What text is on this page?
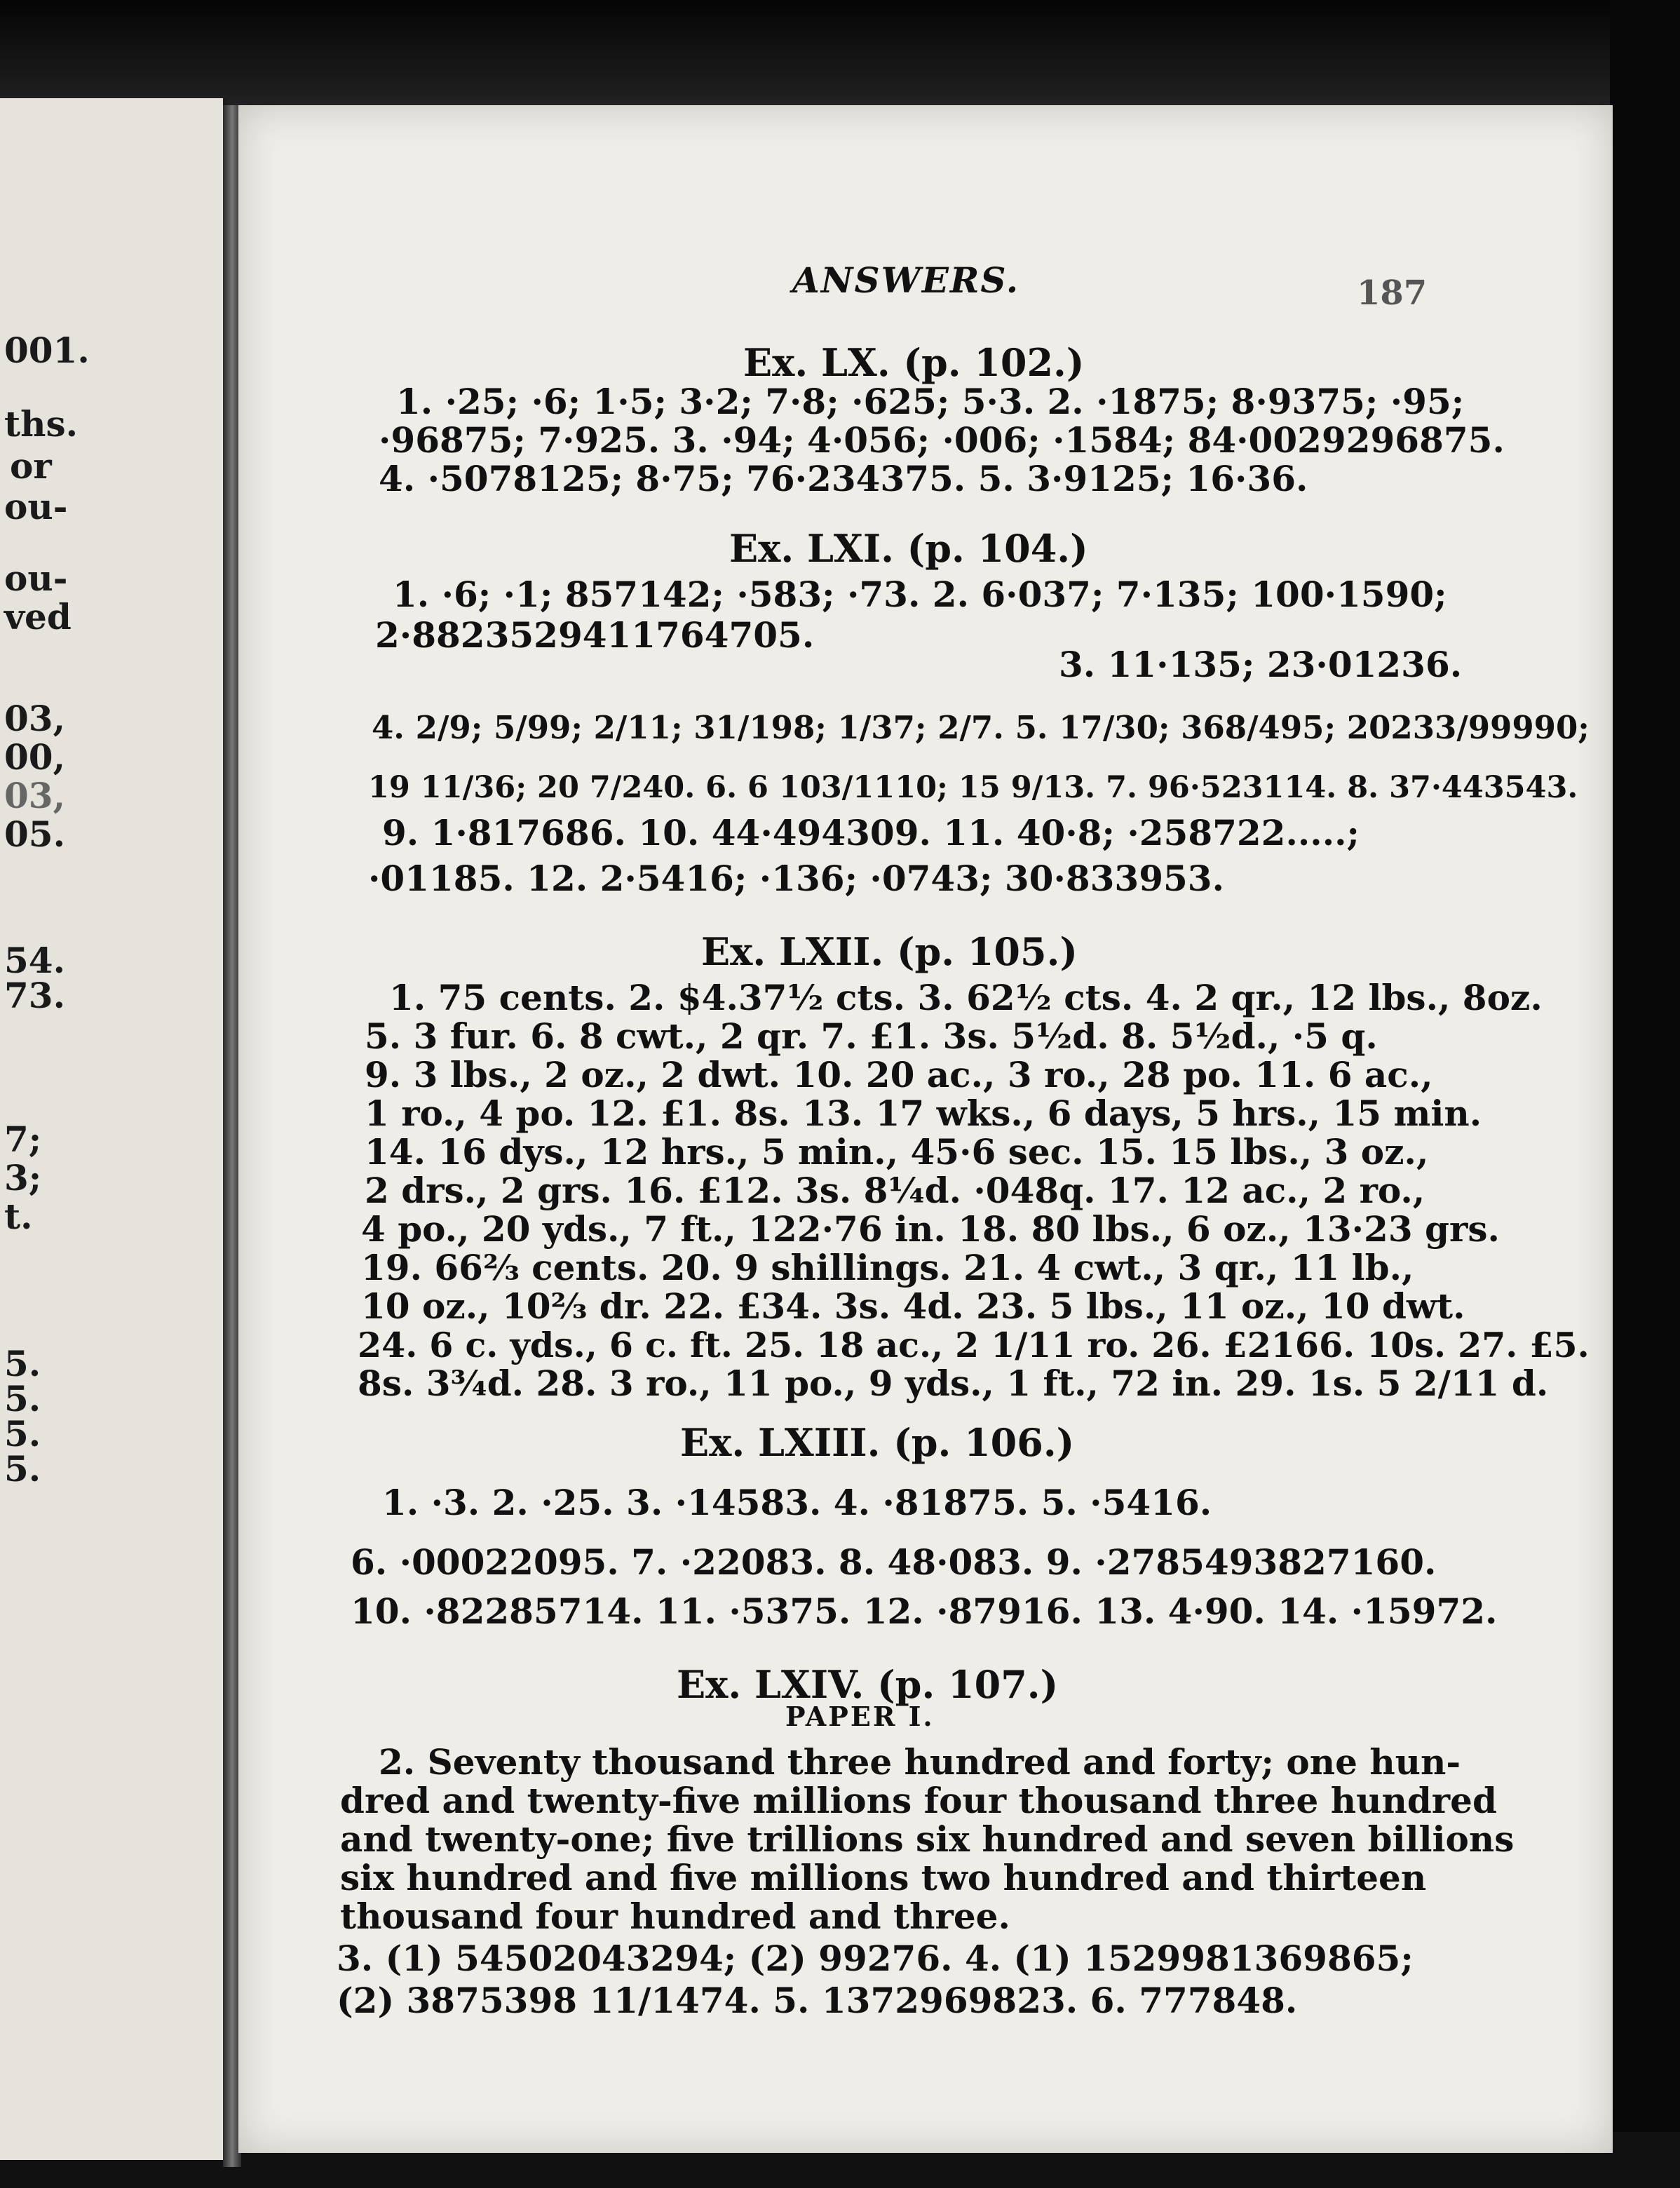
001.
ths.
or
ou-
ou-
ved
03,
00,
03,
05.
54.
73.
7;
3;
t.
5.
5.
5.
5.
ANSWERS.	187
Ex. LX. (p. 102.)
1. ·25; ·6; 1·5; 3·2; 7·8; ·625; 5·3. 2. ·1875; 8·9375; ·95;
·96875; 7·925. 3. ·94; 4·056; ·006; ·1584; 84·0029296875.
4. ·5078125; 8·75; 76·234375. 5. 3·9125; 16·36.
Ex. LXI. (p. 104.)
1. ·6; ·1; 857142; ·583; ·73. 2. 6·037; 7·135; 100·1590;
2·8823529411764705.
3. 11·135; 23·01236.
4. 2/9; 5/99; 2/11; 31/198; 1/37; 2/7. 5. 17/30; 368/495; 20233/99990;
19 11/36; 20 7/240. 6. 6 103/1110; 15 9/13. 7. 96·523114. 8. 37·443543.
9. 1·817686. 10. 44·494309. 11. 40·8; ·258722.....;
·01185. 12. 2·5416; ·136; ·0743; 30·833953.
Ex. LXII. (p. 105.)
1. 75 cents. 2. $4.37½ cts. 3. 62½ cts. 4. 2 qr., 12 lbs., 8oz.
5. 3 fur. 6. 8 cwt., 2 qr. 7. £1. 3s. 5½d. 8. 5½d., ·5 q.
9. 3 lbs., 2 oz., 2 dwt. 10. 20 ac., 3 ro., 28 po. 11. 6 ac.,
1 ro., 4 po. 12. £1. 8s. 13. 17 wks., 6 days, 5 hrs., 15 min.
14. 16 dys., 12 hrs., 5 min., 45·6 sec. 15. 15 lbs., 3 oz.,
2 drs., 2 grs. 16. £12. 3s. 8¼d. ·048q. 17. 12 ac., 2 ro.,
4 po., 20 yds., 7 ft., 122·76 in. 18. 80 lbs., 6 oz., 13·23 grs.
19. 66⅔ cents. 20. 9 shillings. 21. 4 cwt., 3 qr., 11 lb.,
10 oz., 10⅔ dr. 22. £34. 3s. 4d. 23. 5 lbs., 11 oz., 10 dwt.
24. 6 c. yds., 6 c. ft. 25. 18 ac., 2 1/11 ro. 26. £2166. 10s. 27. £5.
8s. 3¾d. 28. 3 ro., 11 po., 9 yds., 1 ft., 72 in. 29. 1s. 5 2/11 d.
Ex. LXIII. (p. 106.)
1. ·3. 2. ·25. 3. ·14583. 4. ·81875. 5. ·5416.
6. ·00022095. 7. ·22083. 8. 48·083. 9. ·2785493827160.
10. ·82285714. 11. ·5375. 12. ·87916. 13. 4·90. 14. ·15972.
Ex. LXIV. (p. 107.)
PAPER I.
2. Seventy thousand three hundred and forty; one hun-
dred and twenty-five millions four thousand three hundred
and twenty-one; five trillions six hundred and seven billions
six hundred and five millions two hundred and thirteen
thousand four hundred and three.
3. (1) 54502043294; (2) 99276. 4. (1) 1529981369865;
(2) 3875398 11/1474. 5. 1372969823. 6. 777848.
